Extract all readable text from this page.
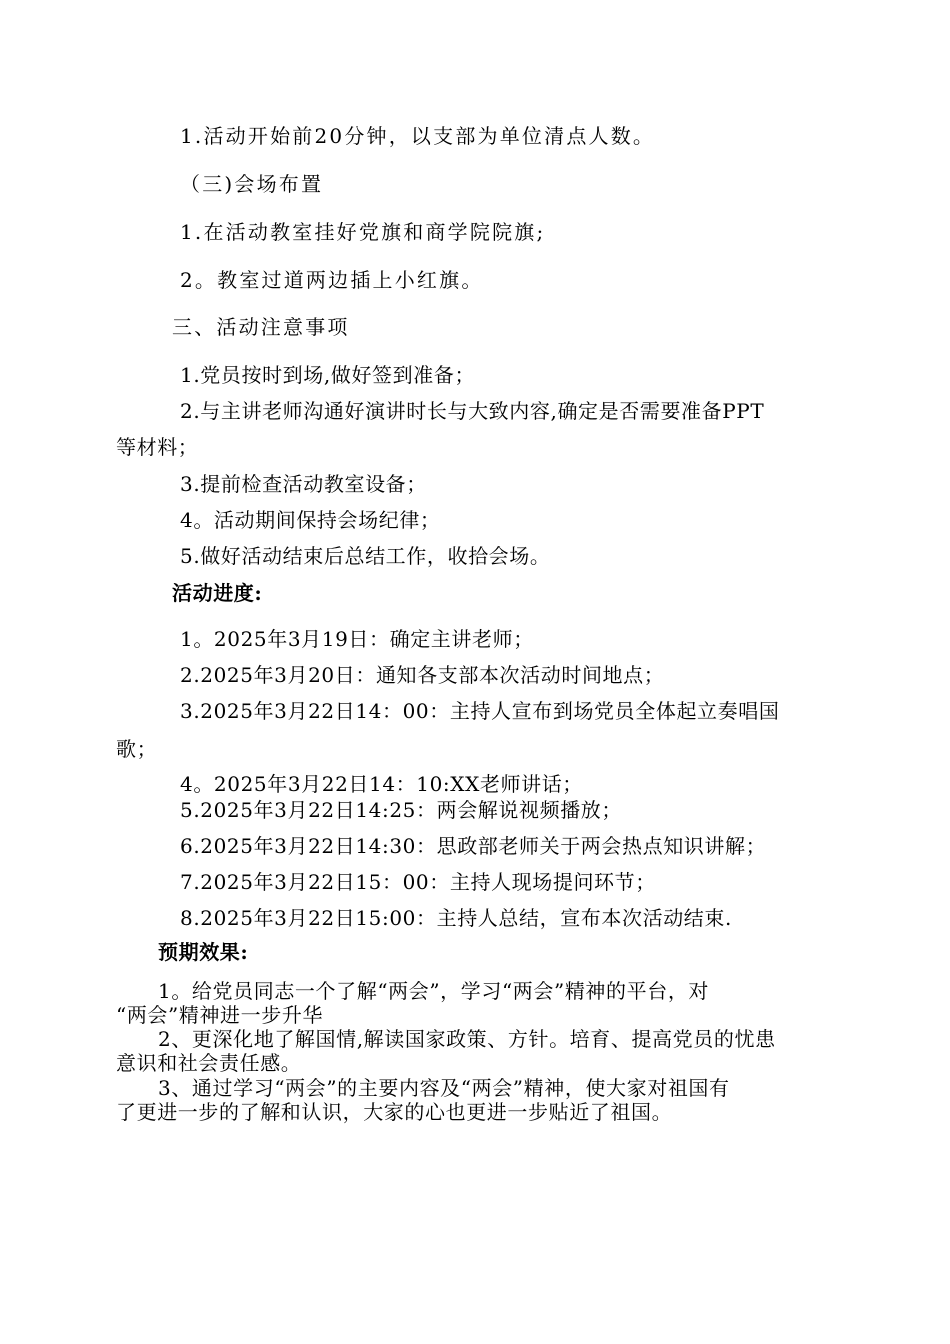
1.活动开始前20分钟，以支部为单位清点人数。
（三)会场布置
1.在活动教室挂好党旗和商学院院旗;
2。教室过道两边插上小红旗。
三、活动注意事项
1.党员按时到场,做好签到准备；
2.与主讲老师沟通好演讲时长与大致内容,确定是否需要准备PPT
等材料；
3.提前检查活动教室设备；
4。活动期间保持会场纪律；
5.做好活动结束后总结工作，收拾会场。
活动进度:
1。2025年3月19日：确定主讲老师；
2.2025年3月20日：通知各支部本次活动时间地点；
3.2025年3月22日14：00：主持人宣布到场党员全体起立奏唱国
歌；
4。2025年3月22日14：10:XX老师讲话；
5.2025年3月22日14:25：两会解说视频播放；
6.2025年3月22日14:30：思政部老师关于两会热点知识讲解；
7.2025年3月22日15：00：主持人现场提问环节；
8.2025年3月22日15:00：主持人总结，宣布本次活动结束.
预期效果:
1。给党员同志一个了解“两会”，学习“两会”精神的平台，对
“两会”精神进一步升华
2、更深化地了解国情,解读国家政策、方针。培育、提高党员的忧患
意识和社会责任感。
3、通过学习“两会”的主要内容及“两会”精神，使大家对祖国有
了更进一步的了解和认识，大家的心也更进一步贴近了祖国。
